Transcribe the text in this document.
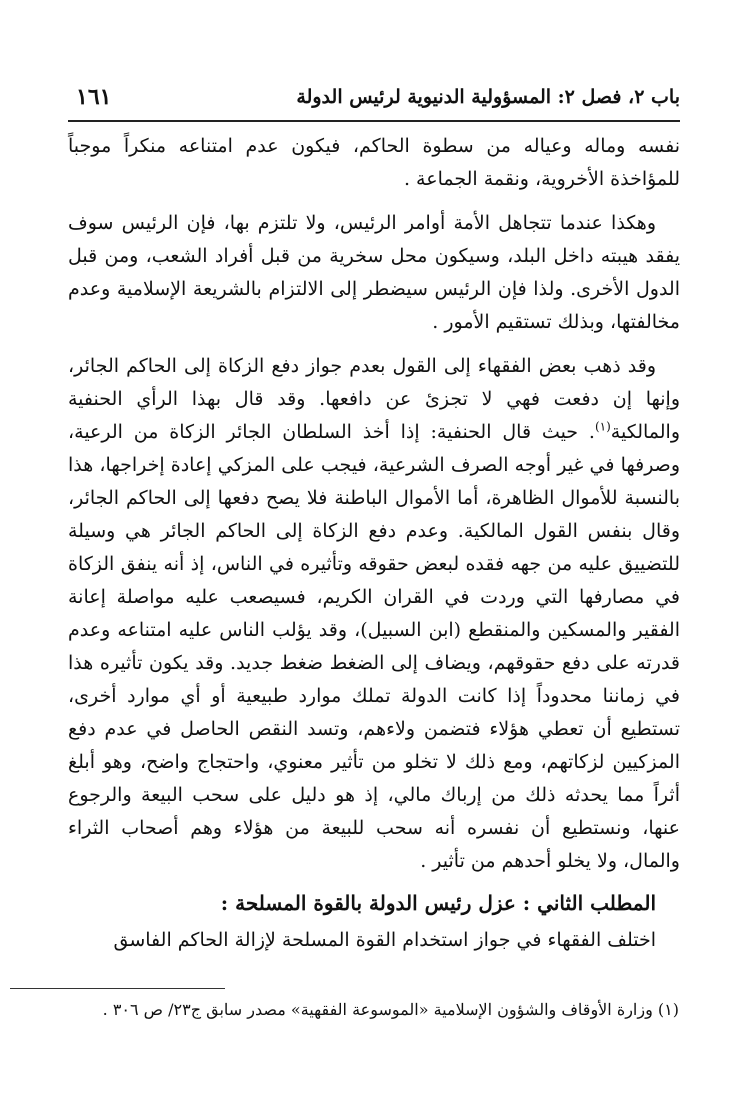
باب ٢، فصل ٢: المسؤولية الدنيوية لرئيس الدولة
١٦١

نفسه وماله وعياله من سطوة الحاكم، فيكون عدم امتناعه منكراً موجباً للمؤاخذة الأخروية، ونقمة الجماعة .

وهكذا عندما تتجاهل الأمة أوامر الرئيس، ولا تلتزم بها، فإن الرئيس سوف يفقد هيبته داخل البلد، وسيكون محل سخرية من قبل أفراد الشعب، ومن قبل الدول الأخرى. ولذا فإن الرئيس سيضطر إلى الالتزام بالشريعة الإسلامية وعدم مخالفتها، وبذلك تستقيم الأمور .

وقد ذهب بعض الفقهاء إلى القول بعدم جواز دفع الزكاة إلى الحاكم الجائر، وإنها إن دفعت فهي لا تجزئ عن دافعها. وقد قال بهذا الرأي الحنفية والمالكية$^{(١)}$. حيث قال الحنفية: إذا أخذ السلطان الجائر الزكاة من الرعية، وصرفها في غير أوجه الصرف الشرعية، فيجب على المزكي إعادة إخراجها، هذا بالنسبة للأموال الظاهرة، أما الأموال الباطنة فلا يصح دفعها إلى الحاكم الجائر، وقال بنفس القول المالكية. وعدم دفع الزكاة إلى الحاكم الجائر هي وسيلة للتضييق عليه من جهه فقده لبعض حقوقه وتأثيره في الناس، إذ أنه ينفق الزكاة في مصارفها التي وردت في القران الكريم، فسيصعب عليه مواصلة إعانة الفقير والمسكين والمنقطع (ابن السبيل)، وقد يؤلب الناس عليه امتناعه وعدم قدرته على دفع حقوقهم، ويضاف إلى الضغط ضغط جديد. وقد يكون تأثيره هذا في زماننا محدوداً إذا كانت الدولة تملك موارد طبيعية أو أي موارد أخرى، تستطيع أن تعطي هؤلاء فتضمن ولاءهم، وتسد النقص الحاصل في عدم دفع المزكيين لزكاتهم، ومع ذلك لا تخلو من تأثير معنوي، واحتجاج واضح، وهو أبلغ أثراً مما يحدثه ذلك من إرباك مالي، إذ هو دليل على سحب البيعة والرجوع عنها، ونستطيع أن نفسره أنه سحب للبيعة من هؤلاء وهم أصحاب الثراء والمال، ولا يخلو أحدهم من تأثير .

المطلب الثاني : عزل رئيس الدولة بالقوة المسلحة :

اختلف الفقهاء في جواز استخدام القوة المسلحة لإزالة الحاكم الفاسق

(١) وزارة الأوقاف والشؤون الإسلامية «الموسوعة الفقهية» مصدر سابق ج٢٣/ ص ٣٠٦ .
